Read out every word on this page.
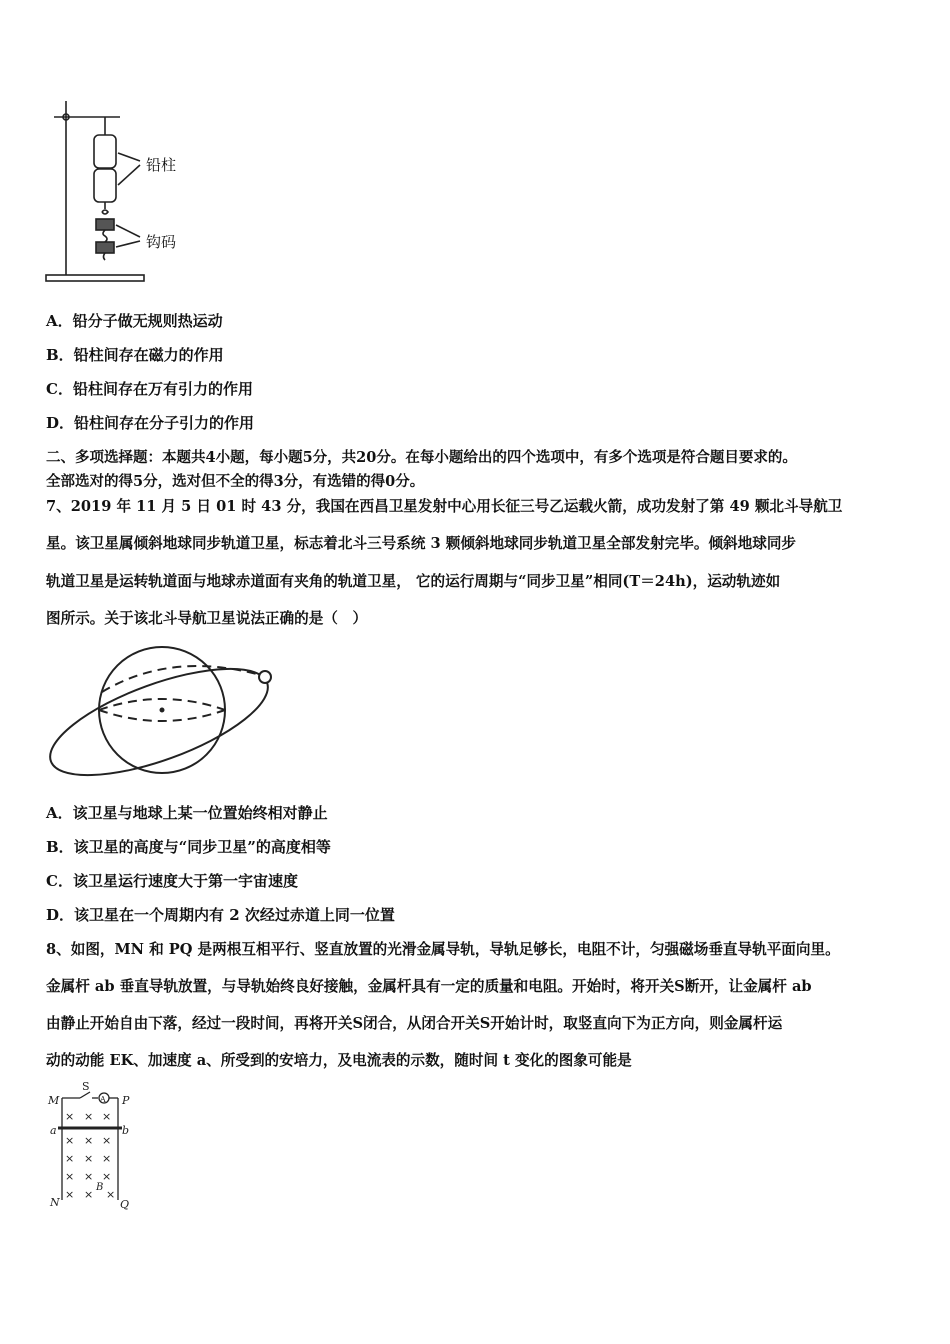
铅柱
钩码
A．铅分子做无规则热运动
B．铅柱间存在磁力的作用
C．铅柱间存在万有引力的作用
D．铅柱间存在分子引力的作用
二、多项选择题：本题共4小题，每小题5分，共20分。在每小题给出的四个选项中，有多个选项是符合题目要求的。
全部选对的得5分，选对但不全的得3分，有选错的得0分。
7、2019 年 11 月 5 日 01 时 43 分，我国在西昌卫星发射中心用长征三号乙运载火箭，成功发射了第 49 颗北斗导航卫
星。该卫星属倾斜地球同步轨道卫星，标志着北斗三号系统 3 颗倾斜地球同步轨道卫星全部发射完毕。倾斜地球同步
轨道卫星是运转轨道面与地球赤道面有夹角的轨道卫星， 它的运行周期与“同步卫星”相同(T＝24h)，运动轨迹如
图所示。关于该北斗导航卫星说法正确的是（　）
A．该卫星与地球上某一位置始终相对静止
B．该卫星的高度与“同步卫星”的高度相等
C．该卫星运行速度大于第一宇宙速度
D．该卫星在一个周期内有 2 次经过赤道上同一位置
8、如图，MN 和 PQ 是两根互相平行、竖直放置的光滑金属导轨，导轨足够长，电阻不计，匀强磁场垂直导轨平面向里。
金属杆 ab 垂直导轨放置，与导轨始终良好接触，金属杆具有一定的质量和电阻。开始时，将开关S断开，让金属杆 ab
由静止开始自由下落，经过一段时间，再将开关S闭合，从闭合开关S开始计时，取竖直向下为正方向，则金属杆运
动的动能 EK、加速度 a、所受到的安培力，及电流表的示数，随时间 t 变化的图象可能是
M
S
A P
a	b
N	Q
B
× × ×
× × ×
× × ×
× × ×
× × ×
